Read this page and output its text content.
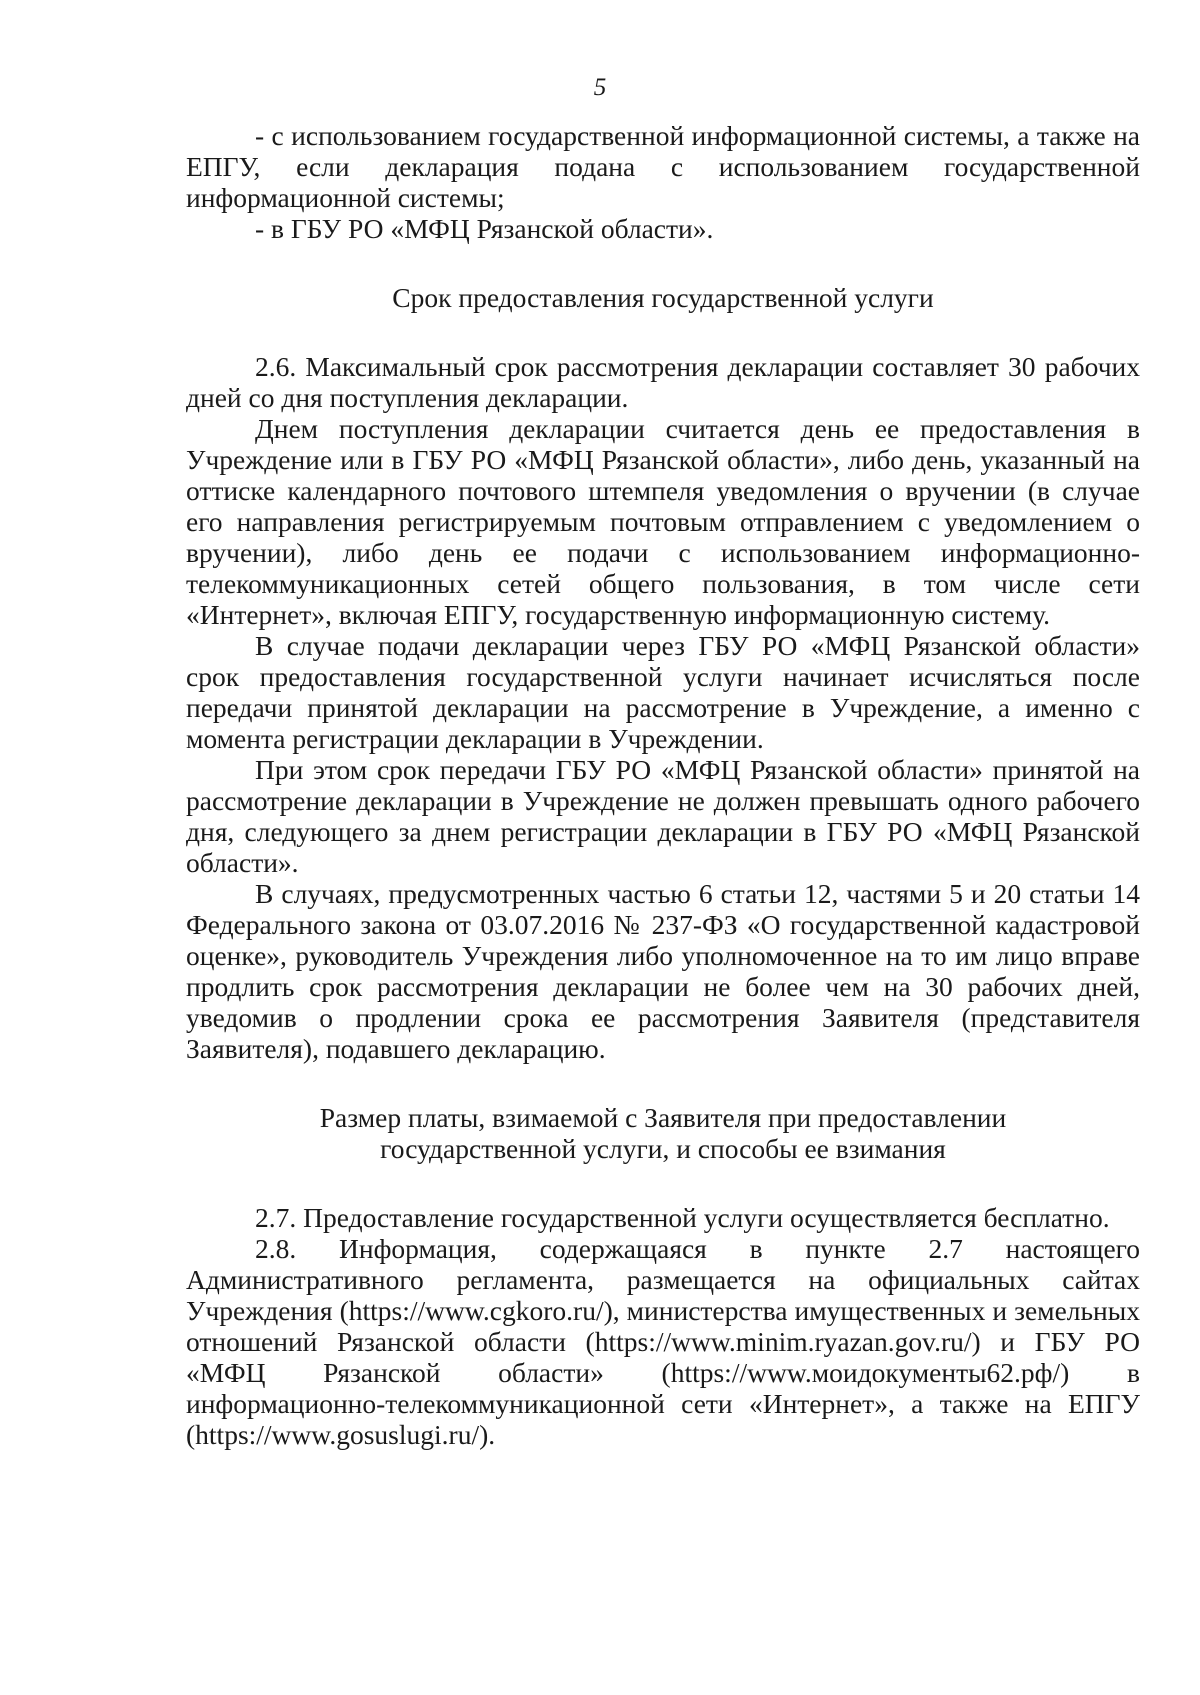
5

- с использованием государственной информационной системы, а также на ЕПГУ, если декларация подана с использованием государственной информационной системы;

- в ГБУ РО «МФЦ Рязанской области».

Срок предоставления государственной услуги

2.6. Максимальный срок рассмотрения декларации составляет 30 рабочих дней со дня поступления декларации.

Днем поступления декларации считается день ее предоставления в Учреждение или в ГБУ РО «МФЦ Рязанской области», либо день, указанный на оттиске календарного почтового штемпеля уведомления о вручении (в случае его направления регистрируемым почтовым отправлением с уведомлением о вручении), либо день ее подачи с использованием информационно-телекоммуникационных сетей общего пользования, в том числе сети «Интернет», включая ЕПГУ, государственную информационную систему.

В случае подачи декларации через ГБУ РО «МФЦ Рязанской области» срок предоставления государственной услуги начинает исчисляться после передачи принятой декларации на рассмотрение в Учреждение, а именно с момента регистрации декларации в Учреждении.

При этом срок передачи ГБУ РО «МФЦ Рязанской области» принятой на рассмотрение декларации в Учреждение не должен превышать одного рабочего дня, следующего за днем регистрации декларации в ГБУ РО «МФЦ Рязанской области».

В случаях, предусмотренных частью 6 статьи 12, частями 5 и 20 статьи 14 Федерального закона от 03.07.2016 № 237-ФЗ «О государственной кадастровой оценке», руководитель Учреждения либо уполномоченное на то им лицо вправе продлить срок рассмотрения декларации не более чем на 30 рабочих дней, уведомив о продлении срока ее рассмотрения Заявителя (представителя Заявителя), подавшего декларацию.

Размер платы, взимаемой с Заявителя при предоставлении
государственной услуги, и способы ее взимания

2.7. Предоставление государственной услуги осуществляется бесплатно.

2.8. Информация, содержащаяся в пункте 2.7 настоящего Административного регламента, размещается на официальных сайтах Учреждения (https://www.cgkoro.ru/), министерства имущественных и земельных отношений Рязанской области (https://www.minim.ryazan.gov.ru/) и ГБУ РО «МФЦ Рязанской области» (https://www.мoидокументы62.рф/) в информационно-телекоммуникационной сети «Интернет», а также на ЕПГУ (https://www.gosuslugi.ru/).
